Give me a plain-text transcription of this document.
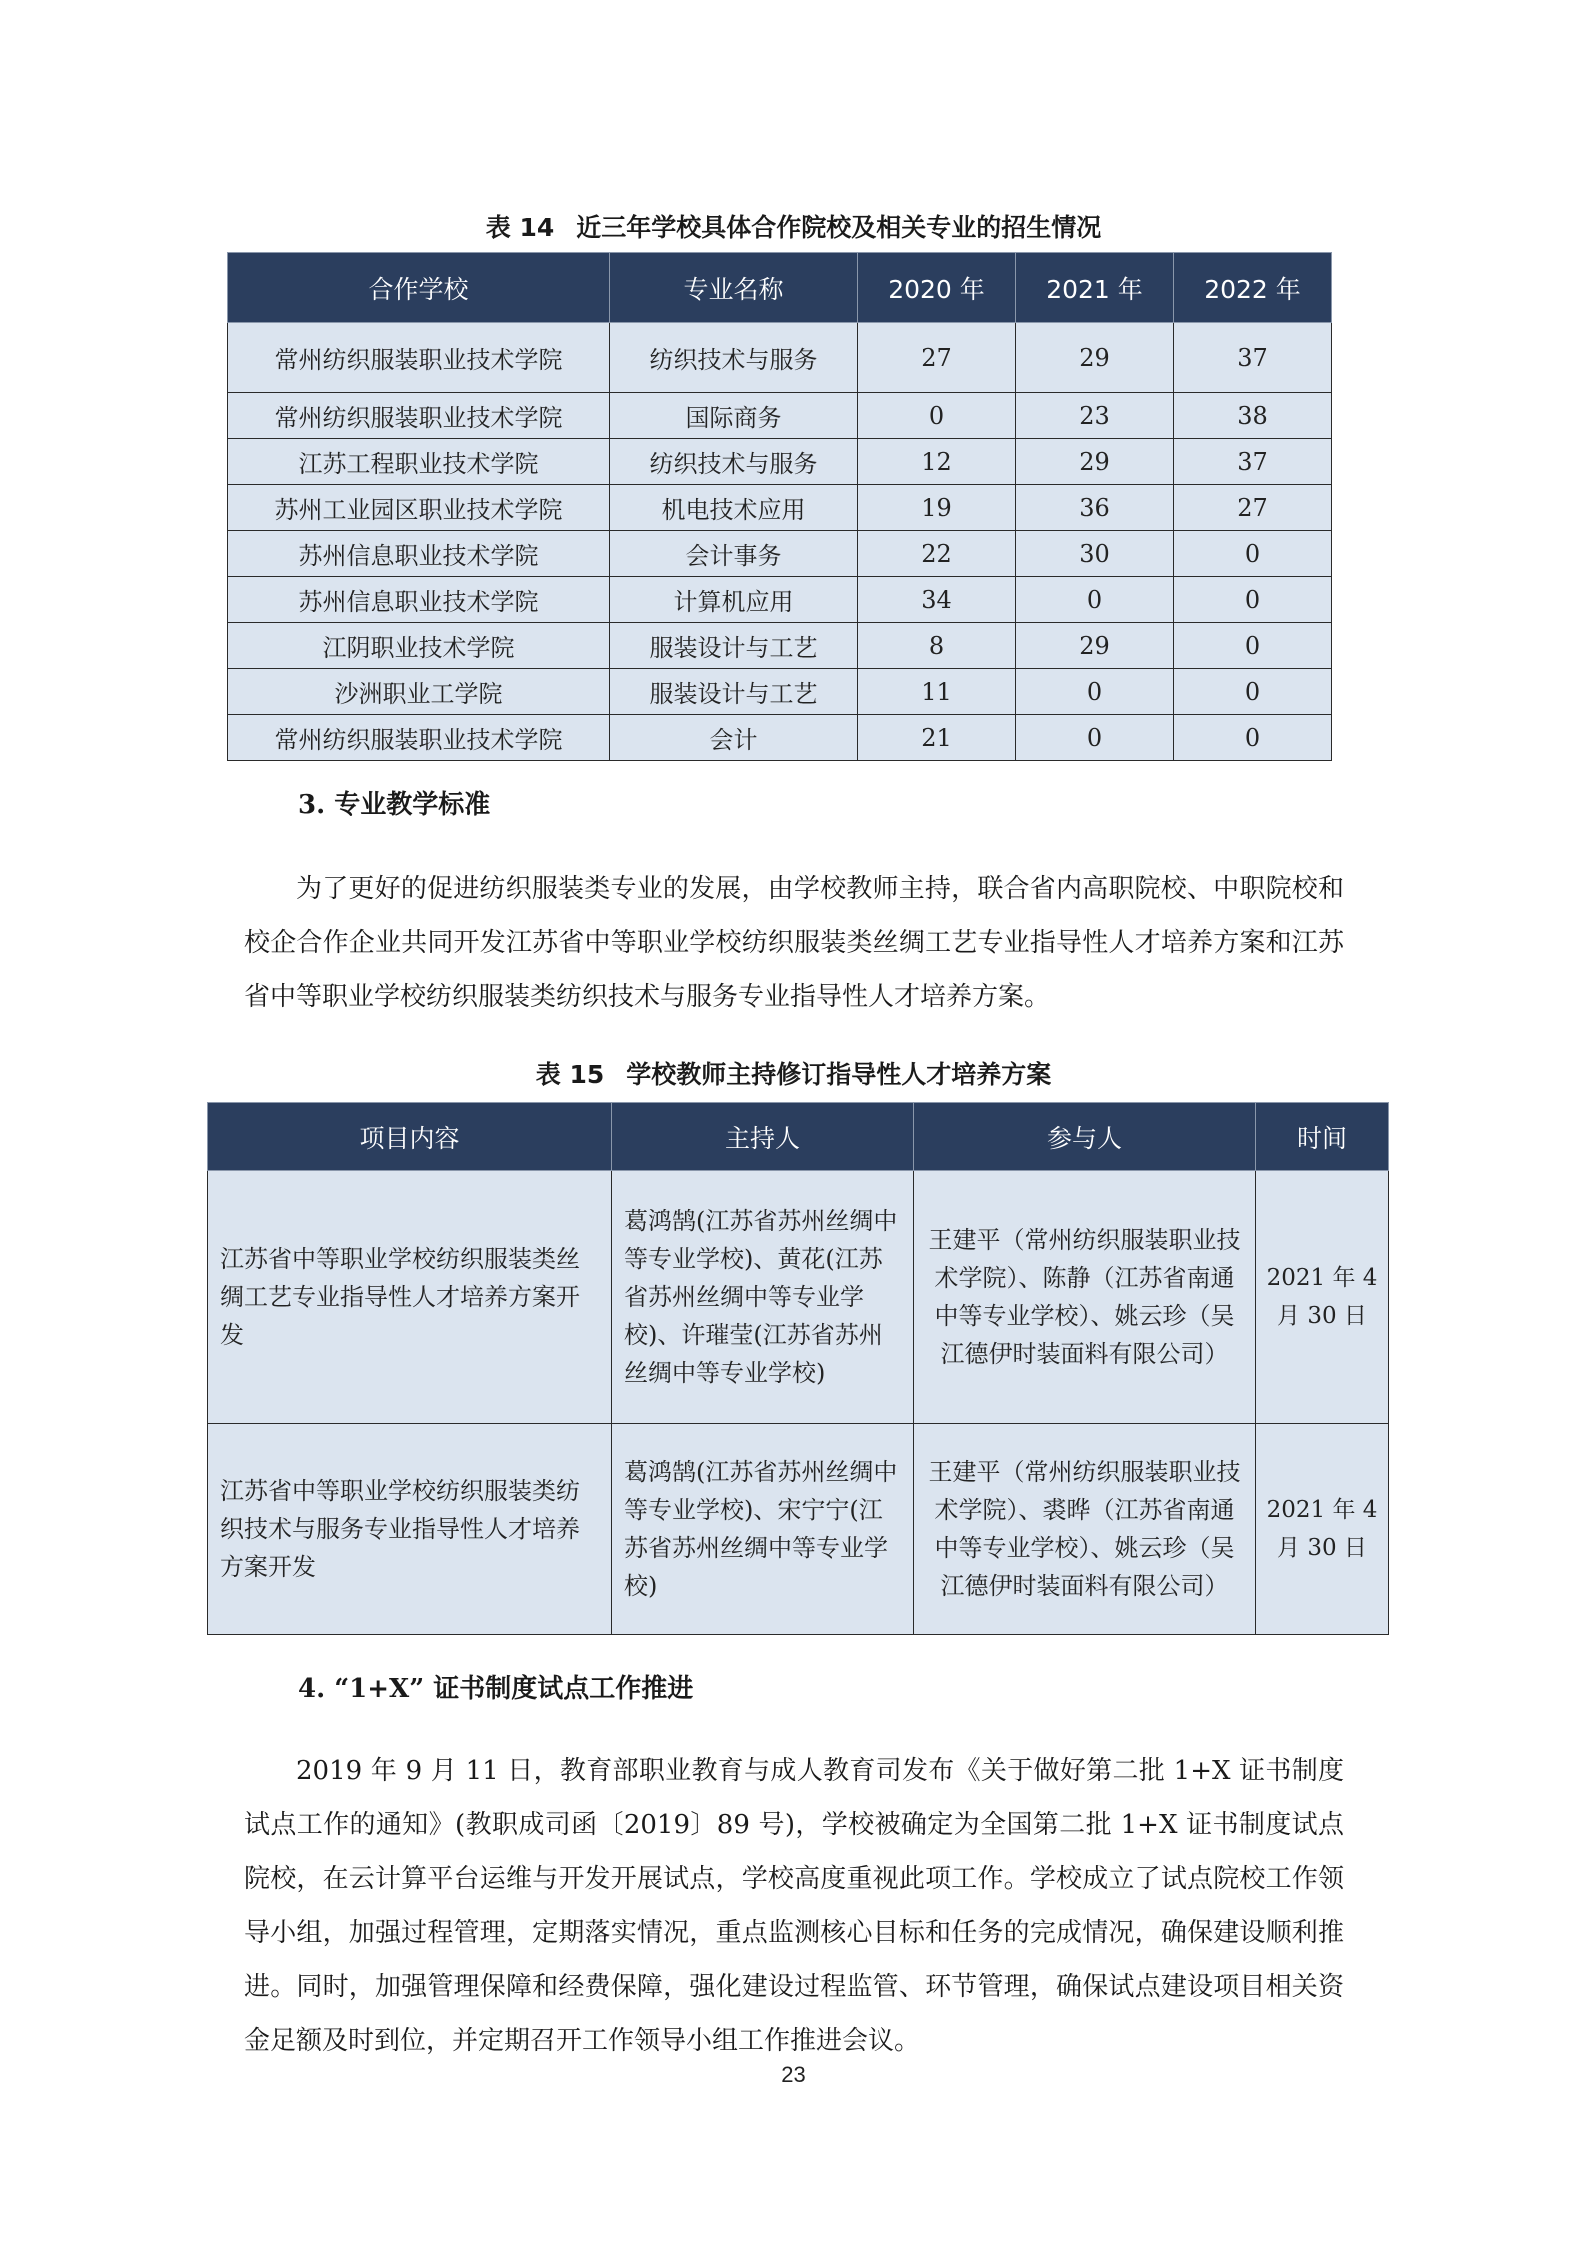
表 14 近三年学校具体合作院校及相关专业的招生情况
合作学校	专业名称	2020 年	2021 年	2022 年
常州纺织服装职业技术学院	纺织技术与服务	27	29	37
常州纺织服装职业技术学院	国际商务	0	23	38
江苏工程职业技术学院	纺织技术与服务	12	29	37
苏州工业园区职业技术学院	机电技术应用	19	36	27
苏州信息职业技术学院	会计事务	22	30	0
苏州信息职业技术学院	计算机应用	34	0	0
江阴职业技术学院	服装设计与工艺	8	29	0
沙洲职业工学院	服装设计与工艺	11	0	0
常州纺织服装职业技术学院	会计	21	0	0
3. 专业教学标准

为了更好的促进纺织服装类专业的发展，由学校教师主持，联合省内高职院校、中职院校和校企合作企业共同开发江苏省中等职业学校纺织服装类丝绸工艺专业指导性人才培养方案和江苏省中等职业学校纺织服装类纺织技术与服务专业指导性人才培养方案。

表 15 学校教师主持修订指导性人才培养方案
项目内容	主持人	参与人	时间
江苏省中等职业学校纺织服装类丝绸工艺专业指导性人才培养方案开发	葛鸿鹄(江苏省苏州丝绸中等专业学校)、黄花(江苏省苏州丝绸中等专业学校)、许璀莹(江苏省苏州丝绸中等专业学校)	王建平（常州纺织服装职业技术学院）、陈静（江苏省南通中等专业学校）、姚云珍（吴江德伊时装面料有限公司）	2021 年 4 月 30 日
江苏省中等职业学校纺织服装类纺织技术与服务专业指导性人才培养方案开发	葛鸿鹄(江苏省苏州丝绸中等专业学校)、宋宁宁(江苏省苏州丝绸中等专业学校)	王建平（常州纺织服装职业技术学院）、裘晔（江苏省南通中等专业学校）、姚云珍（吴江德伊时装面料有限公司）	2021 年 4 月 30 日
4. “1+X” 证书制度试点工作推进

2019 年 9 月 11 日，教育部职业教育与成人教育司发布《关于做好第二批 1+X 证书制度试点工作的通知》(教职成司函〔2019〕89 号)，学校被确定为全国第二批 1+X 证书制度试点院校，在云计算平台运维与开发开展试点，学校高度重视此项工作。学校成立了试点院校工作领导小组，加强过程管理，定期落实情况，重点监测核心目标和任务的完成情况，确保建设顺利推进。同时，加强管理保障和经费保障，强化建设过程监管、环节管理，确保试点建设项目相关资金足额及时到位，并定期召开工作领导小组工作推进会议。

23
